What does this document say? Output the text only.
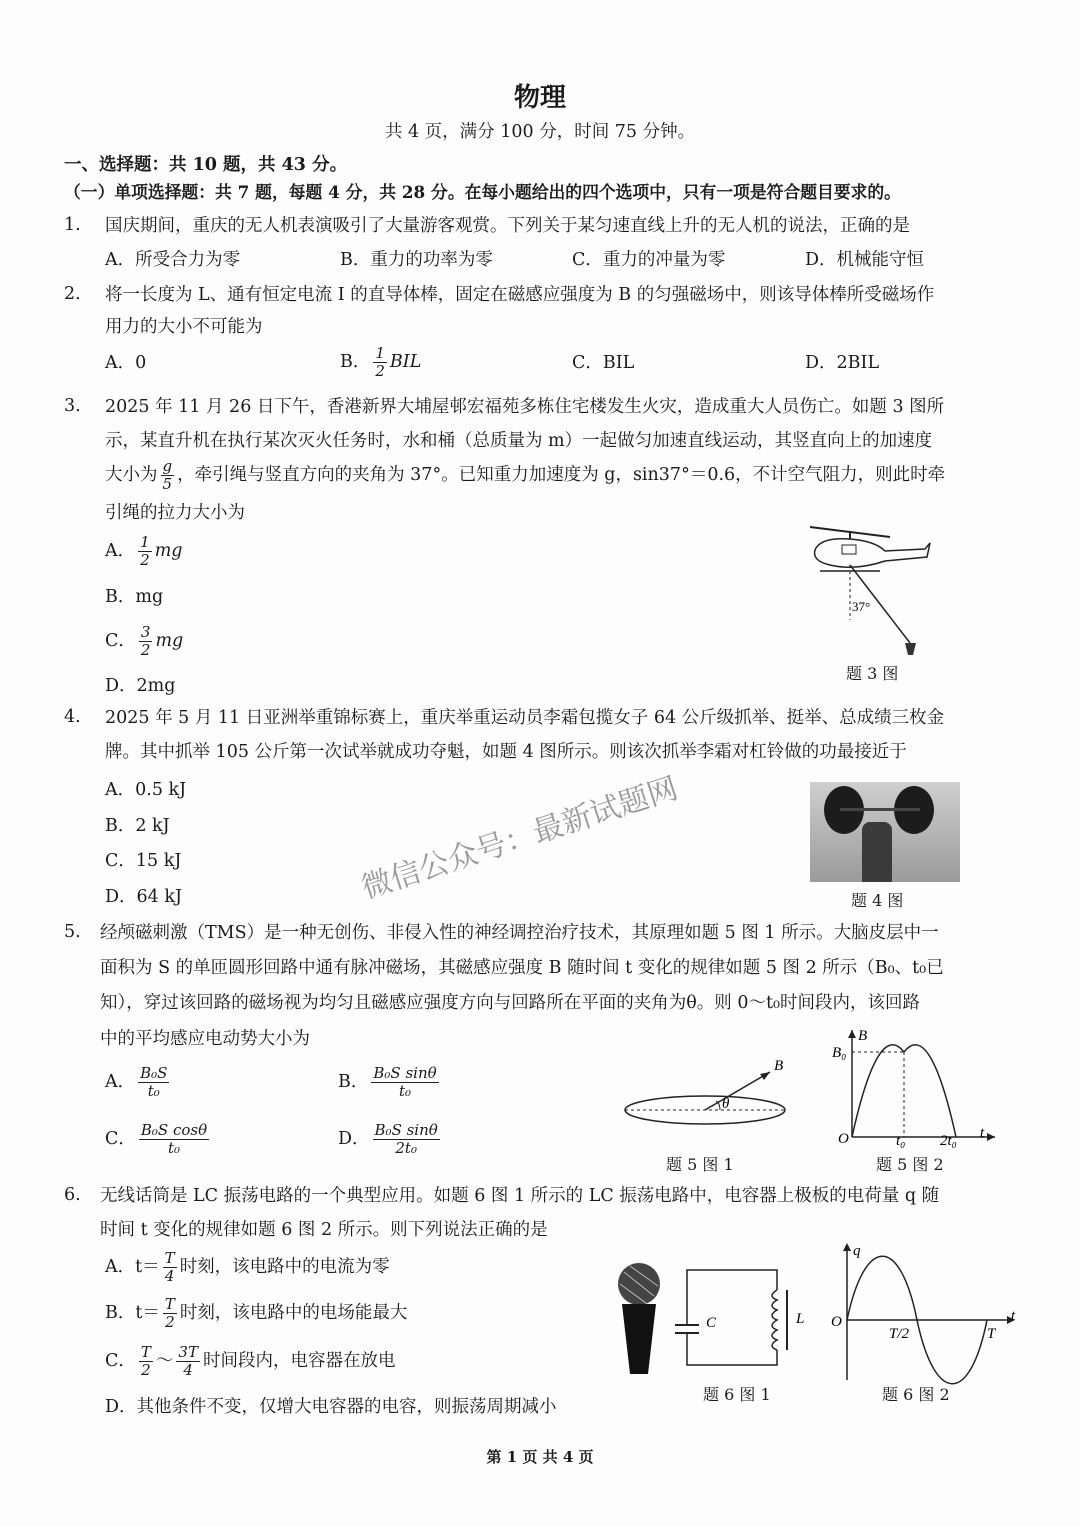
物理
共 4 页，满分 100 分，时间 75 分钟。
一、选择题：共 10 题，共 43 分。
（一）单项选择题：共 7 题，每题 4 分，共 28 分。在每小题给出的四个选项中，只有一项是符合题目要求的。
1. 国庆期间，重庆的无人机表演吸引了大量游客观赏。下列关于某匀速直线上升的无人机的说法，正确的是
A．所受合力为零	B．重力的功率为零	C．重力的冲量为零	D．机械能守恒
2. 将一长度为 L、通有恒定电流 I 的直导体棒，固定在磁感应强度为 B 的匀强磁场中，则该导体棒所受磁场作
用力的大小不可能为
A．0	B． $\frac{1}{2}$ BIL	C．BIL	D．2BIL
3. 2025 年 11 月 26 日下午，香港新界大埔屋邨宏福苑多栋住宅楼发生火灾，造成重大人员伤亡。如题 3 图所
示，某直升机在执行某次灭火任务时，水和桶（总质量为 m）一起做匀加速直线运动，其竖直向上的加速度
大小为 $\frac{g}{5}$ ，牵引绳与竖直方向的夹角为 37°。已知重力加速度为 g，sin37°＝0.6，不计空气阻力，则此时牵
引绳的拉力大小为
A． $\frac{1}{2}$ mg
B．mg
C． $\frac{3}{2}$ mg
D．2mg
37°
题 3 图
4. 2025 年 5 月 11 日亚洲举重锦标赛上，重庆举重运动员李霜包揽女子 64 公斤级抓举、挺举、总成绩三枚金
牌。其中抓举 105 公斤第一次试举就成功夺魁，如题 4 图所示。则该次抓举李霜对杠铃做的功最接近于
A．0.5 kJ
B．2 kJ
C．15 kJ
D．64 kJ	题 4 图
5. 经颅磁刺激（TMS）是一种无创伤、非侵入性的神经调控治疗技术，其原理如题 5 图 1 所示。大脑皮层中一
面积为 S 的单匝圆形回路中通有脉冲磁场，其磁感应强度 B 随时间 t 变化的规律如题 5 图 2 所示（B₀、t₀已
知），穿过该回路的磁场视为均匀且磁感应强度方向与回路所在平面的夹角为θ。则 0～t₀时间段内，该回路
中的平均感应电动势大小为
A． $\frac{\text{B₀S}}{\text{t₀}}$	B． $\frac{\text{B₀S sinθ}}{\text{t₀}}$
C． $\frac{\text{B₀S cosθ}}{\text{t₀}}$	D． $\frac{\text{B₀S sinθ}}{\text{2t₀}}$
B
θ
题 5 图 1
B
B₀
O	t₀ 2t₀ t
题 5 图 2
6. 无线话筒是 LC 振荡电路的一个典型应用。如题 6 图 1 所示的 LC 振荡电路中，电容器上极板的电荷量 q 随
时间 t 变化的规律如题 6 图 2 所示。则下列说法正确的是
A．$t= \frac{T}{4}$ 时刻，该电路中的电流为零
B．$t= \frac{T}{2}$ 时刻，该电路中的电场能最大
C． $\frac{T}{2}$ ～ $\frac{3T}{4}$ 时间段内，电容器在放电
D．其他条件不变，仅增大电容器的电容，则振荡周期减小
C	L
题 6 图 1
q
O
T/2	T
t
题 6 图 2
微信公众号：最新试题网
第 1 页 共 4 页
